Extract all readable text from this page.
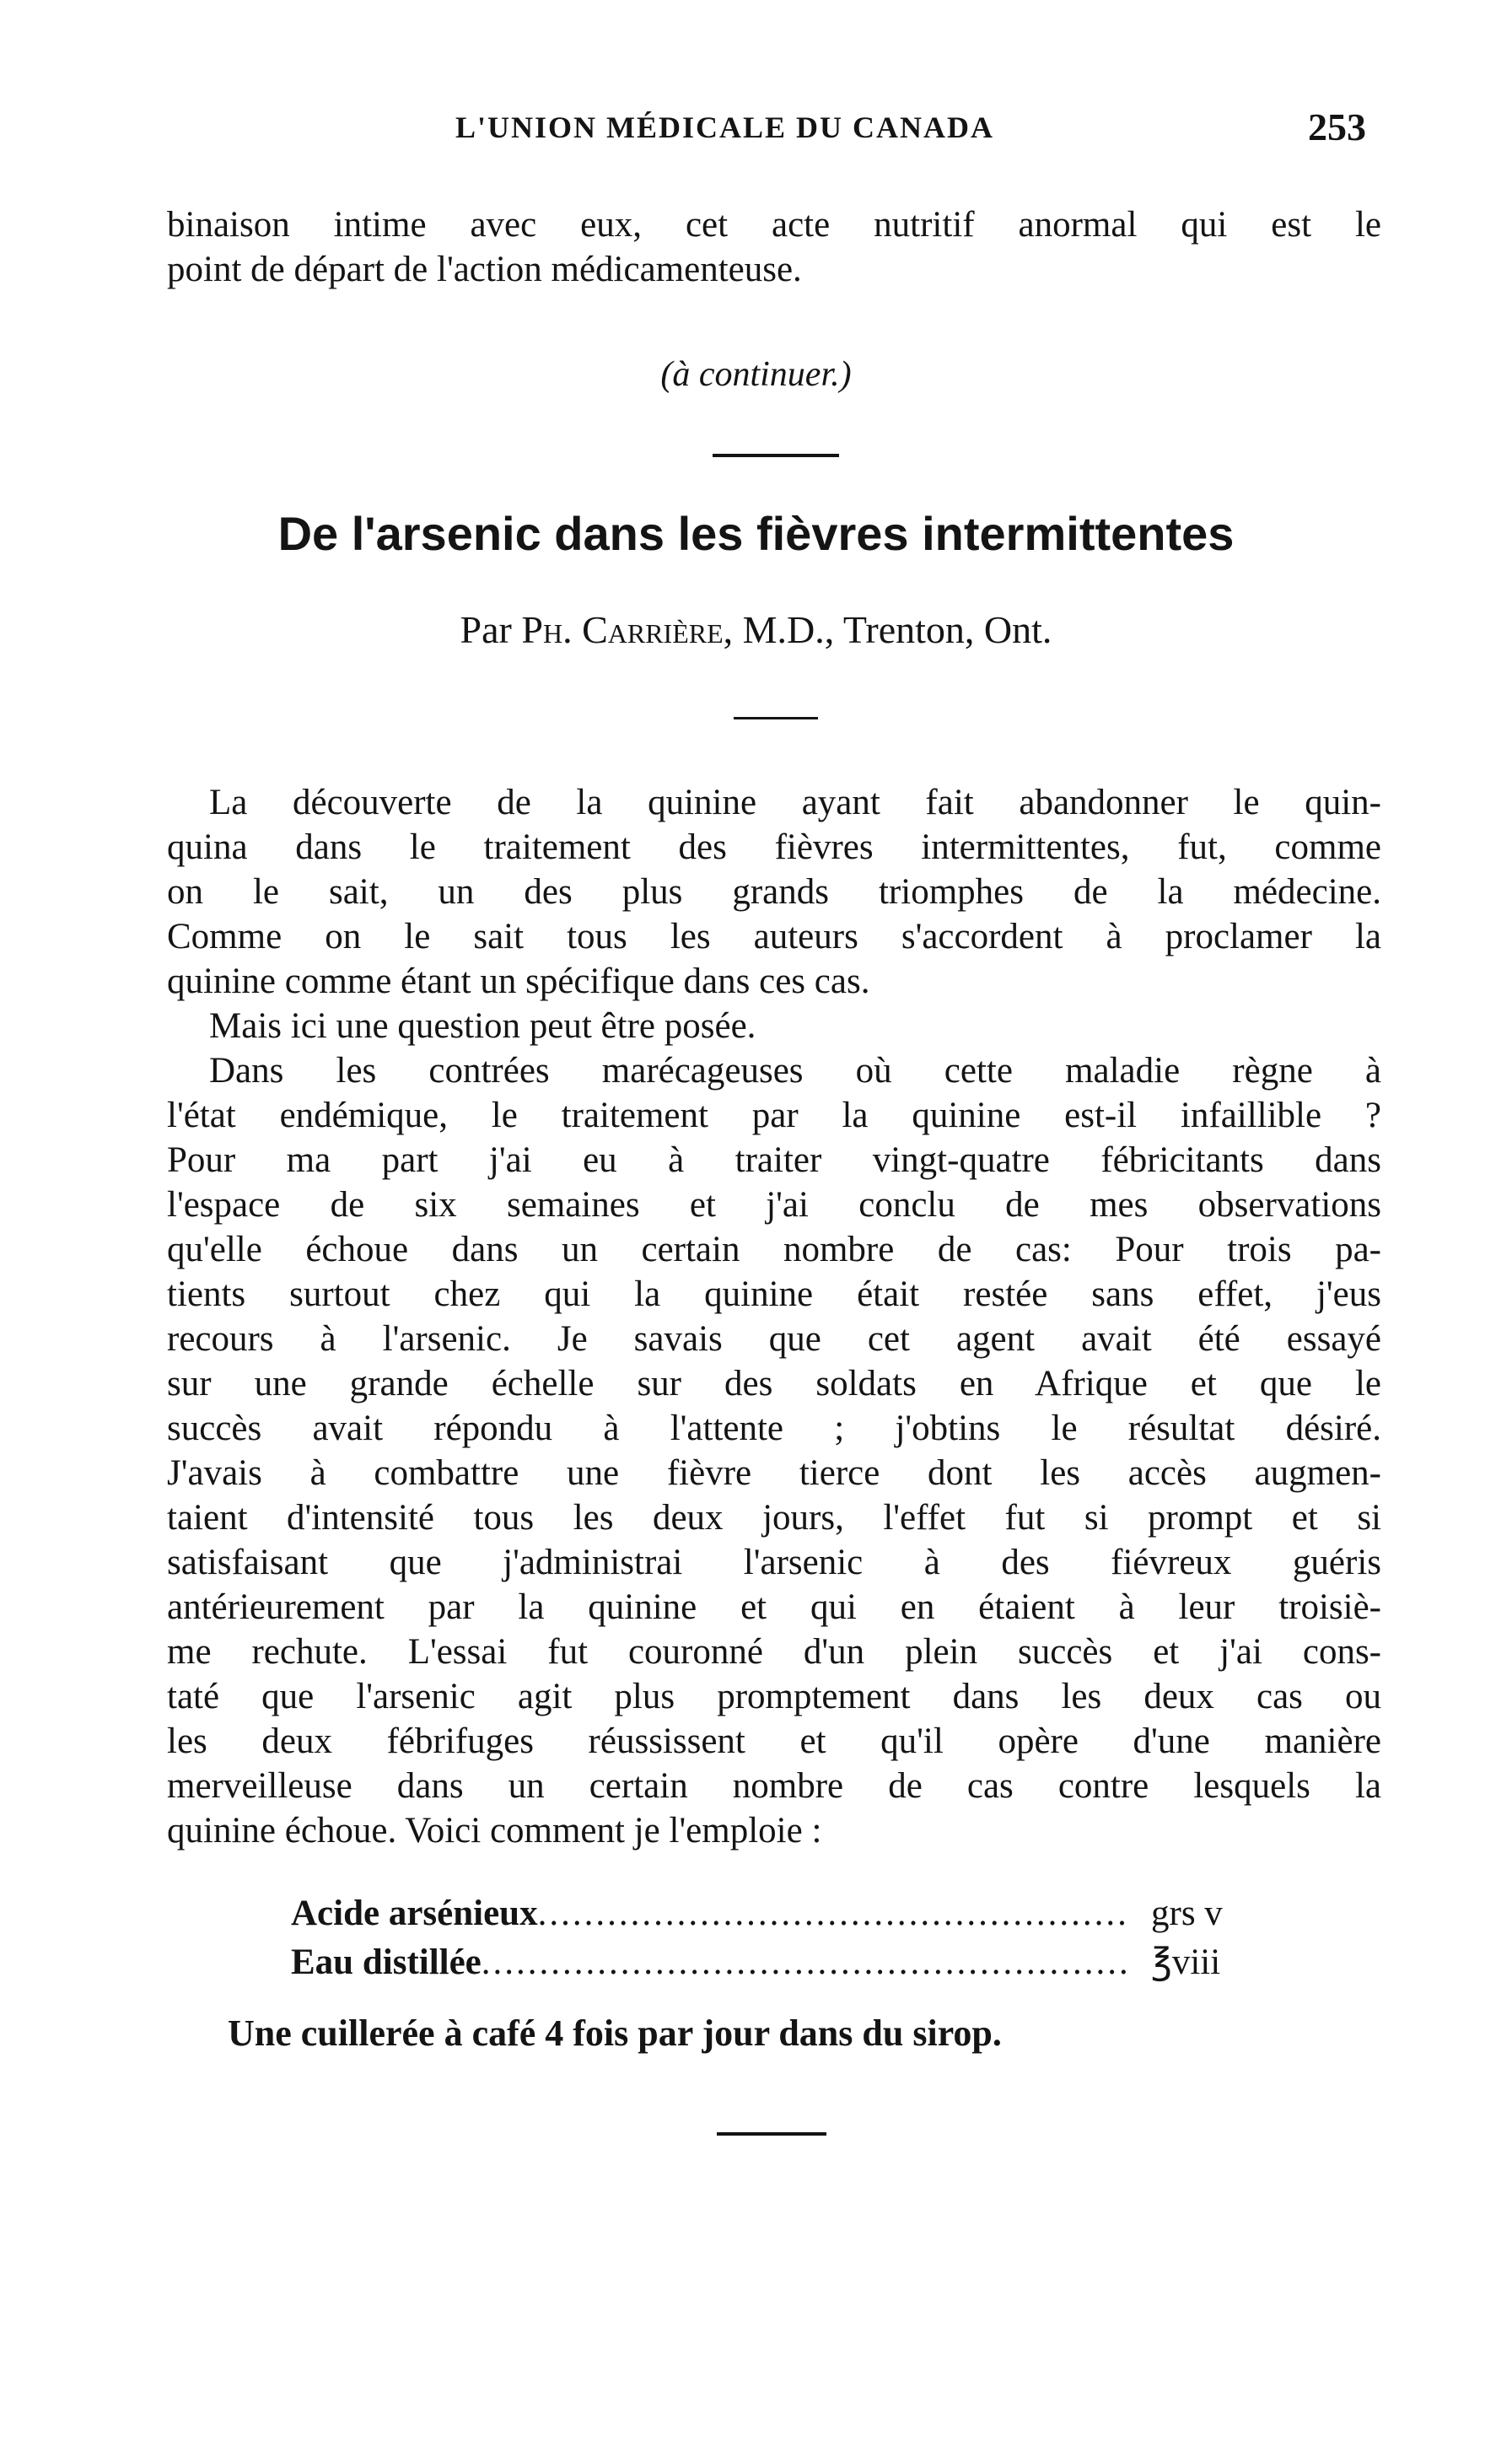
L'UNION MÉDICALE DU CANADA	253
binaison intime avec eux, cet acte nutritif anormal qui est le
point de départ de l'action médicamenteuse.
(à continuer.)
De l'arsenic dans les fièvres intermittentes
Par Ph. Carrière, M.D., Trenton, Ont.

La découverte de la quinine ayant fait abandonner le quin-
quina dans le traitement des fièvres intermittentes, fut, comme
on le sait, un des plus grands triomphes de la médecine.
Comme on le sait tous les auteurs s'accordent à proclamer la
quinine comme étant un spécifique dans ces cas.

Mais ici une question peut être posée.

Dans les contrées marécageuses où cette maladie règne à
l'état endémique, le traitement par la quinine est-il infaillible ?
Pour ma part j'ai eu à traiter vingt-quatre fébricitants dans
l'espace de six semaines et j'ai conclu de mes observations
qu'elle échoue dans un certain nombre de cas: Pour trois pa-
tients surtout chez qui la quinine était restée sans effet, j'eus
recours à l'arsenic. Je savais que cet agent avait été essayé
sur une grande échelle sur des soldats en Afrique et que le
succès avait répondu à l'attente ; j'obtins le résultat désiré.
J'avais à combattre une fièvre tierce dont les accès augmen-
taient d'intensité tous les deux jours, l'effet fut si prompt et si
satisfaisant que j'administrai l'arsenic à des fiévreux guéris
antérieurement par la quinine et qui en étaient à leur troisiè-
me rechute. L'essai fut couronné d'un plein succès et j'ai cons-
taté que l'arsenic agit plus promptement dans les deux cas ou
les deux fébrifuges réussissent et qu'il opère d'une manière
merveilleuse dans un certain nombre de cas contre lesquels la
quinine échoue. Voici comment je l'emploie :

Acide arsénieux .....	grs v
Eau distillée .....	℥viii
Une cuillerée à café 4 fois par jour dans du sirop.
